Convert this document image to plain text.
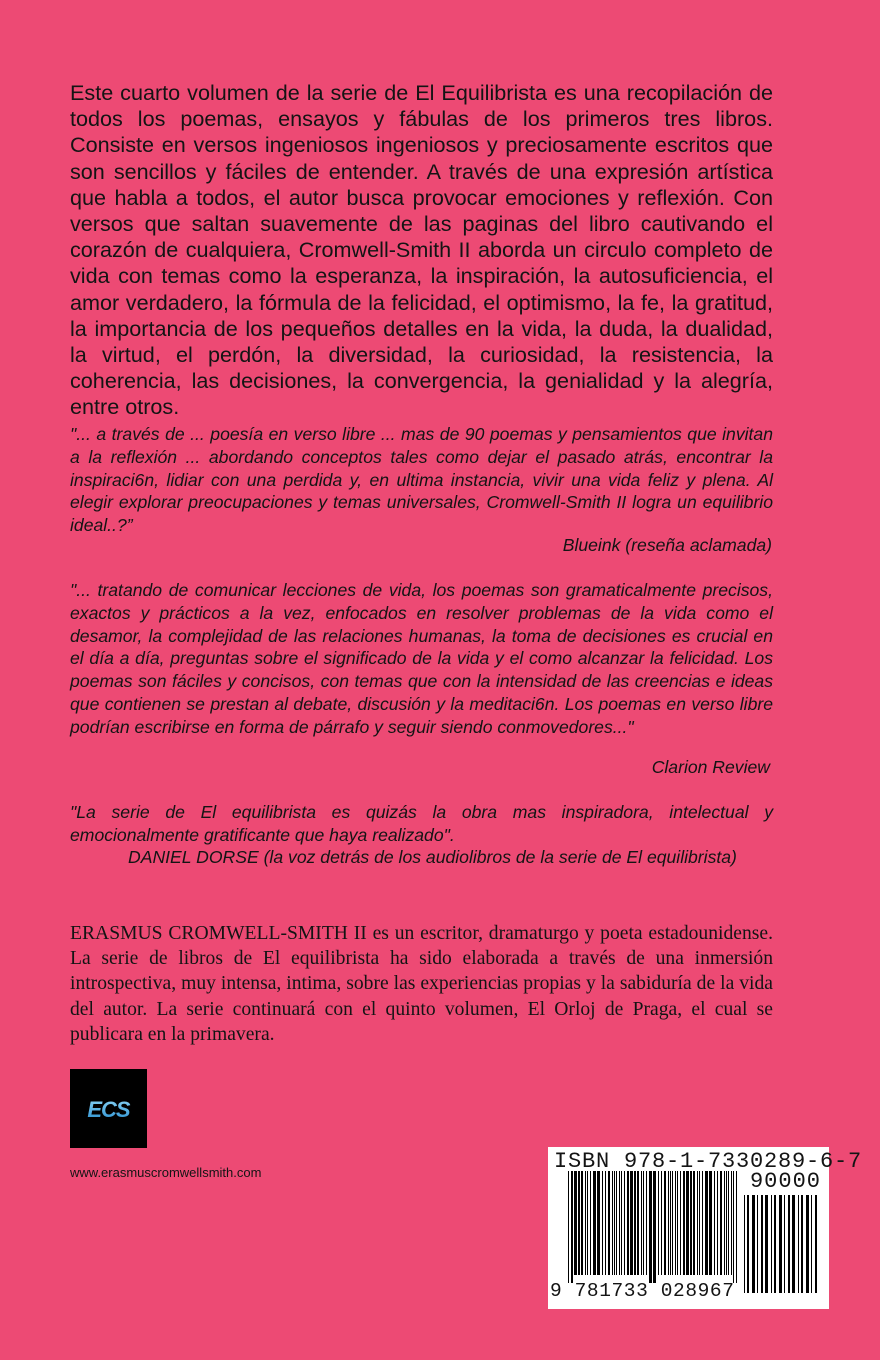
Este cuarto volumen de la serie de El Equilibrista es una recopilación de todos los poemas, ensayos y fábulas de los primeros tres libros. Consiste en versos ingeniosos ingeniosos y preciosamente escritos que son sencillos y fáciles de entender. A través de una expresión artística que habla a todos, el autor busca provocar emociones y reflexión. Con versos que saltan suavemente de las paginas del libro cautivando el corazón de cualquiera, Cromwell-Smith II aborda un circulo completo de vida con temas como la esperanza, la inspiración, la autosuficiencia, el amor verdadero, la fórmula de la felicidad, el optimismo, la fe, la gratitud, la importancia de los pequeños detalles en la vida, la duda, la dualidad, la virtud, el perdón, la diversidad, la curiosidad, la resistencia, la coherencia, las decisiones, la convergencia, la genialidad y la alegría, entre otros.

"... a través de ... poesía en verso libre ... mas de 90 poemas y pensamientos que invitan a la reflexión ... abordando conceptos tales como dejar el pasado atrás, encontrar la inspiraci6n, lidiar con una perdida y, en ultima instancia, vivir una vida feliz y plena. Al elegir explorar preocupaciones y temas universales, Cromwell-Smith II logra un equilibrio ideal..?”

Blueink (reseña aclamada)

"... tratando de comunicar lecciones de vida, los poemas son gramaticalmente precisos, exactos y prácticos a la vez, enfocados en resolver problemas de la vida como el desamor, la complejidad de las relaciones humanas, la toma de decisiones es crucial en el día a día, preguntas sobre el significado de la vida y el como alcanzar la felicidad. Los poemas son fáciles y concisos, con temas que con la intensidad de las creencias e ideas que contienen se prestan al debate, discusión y la meditaci6n. Los poemas en verso libre podrían escribirse en forma de párrafo y seguir siendo conmovedores..."

Clarion Review

"La serie de El equilibrista es quizás la obra mas inspiradora, intelectual y emocionalmente gratificante que haya realizado".

DANIEL DORSE (la voz detrás de los audiolibros de la serie de El equilibrista)

ERASMUS CROMWELL-SMITH II es un escritor, dramaturgo y poeta estadounidense. La serie de libros de El equilibrista ha sido elaborada a través de una inmersión introspectiva, muy intensa, intima, sobre las experiencias propias y la sabiduría de la vida del autor. La serie continuará con el quinto volumen, El Orloj de Praga, el cual se publicara en la primavera.

ECS
www.erasmuscromwellsmith.com	ISBN 978-1-7330289-6-7
90000
9 781733 028967
